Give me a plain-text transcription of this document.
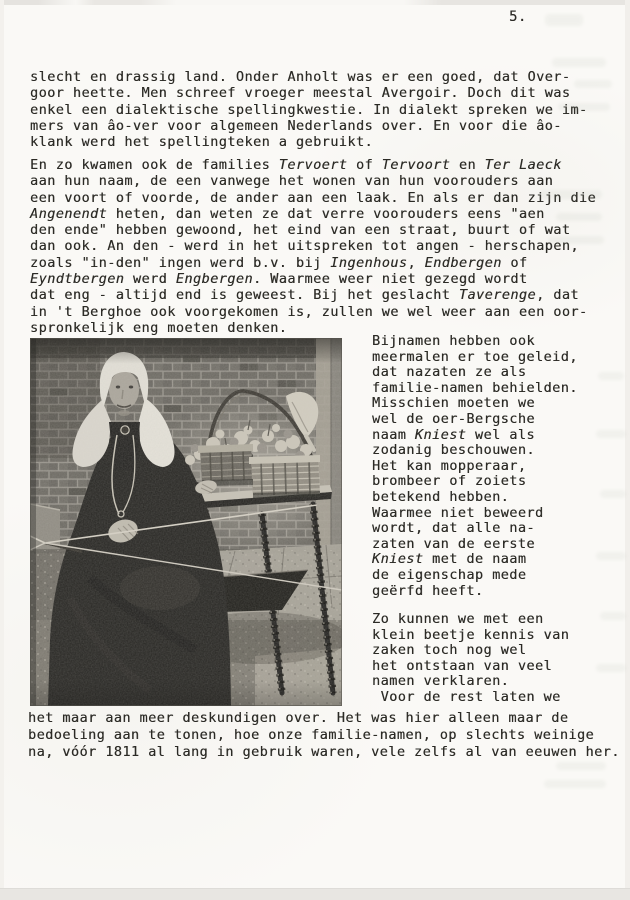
5.
slecht en drassig land. Onder Anholt was er een goed, dat Over-
goor heette. Men schreef vroeger meestal Avergoir. Doch dit was
enkel een dialektische spellingkwestie. In dialekt spreken we im-
mers van âo-ver voor algemeen Nederlands over. En voor die âo-
klank werd het spellingteken a gebruikt.
En zo kwamen ook de families Tervoert of Tervoort en Ter Laeck
aan hun naam, de een vanwege het wonen van hun voorouders aan
een voort of voorde, de ander aan een laak. En als er dan zijn die
Angenendt heten, dan weten ze dat verre voorouders eens "aen
den ende" hebben gewoond, het eind van een straat, buurt of wat
dan ook. An den - werd in het uitspreken tot angen - herschapen,
zoals "in-den" ingen werd b.v. bij Ingenhous, Endbergen of
Eyndtbergen werd Engbergen. Waarmee weer niet gezegd wordt
dat eng - altijd end is geweest. Bij het geslacht Taverenge, dat
in 't Berghoe ook voorgekomen is, zullen we wel weer aan een oor-
spronkelijk eng moeten denken.
Bijnamen hebben ook
meermalen er toe geleid,
dat nazaten ze als
familie-namen behielden.
Misschien moeten we
wel de oer-Bergsche
naam Kniest wel als
zodanig beschouwen.
Het kan mopperaar,
brombeer of zoiets
betekend hebben.
Waarmee niet beweerd
wordt, dat alle na-
zaten van de eerste
Kniest met de naam
de eigenschap mede
geërfd heeft.
Zo kunnen we met een
klein beetje kennis van
zaken toch nog wel
het ontstaan van veel
namen verklaren.
Voor de rest laten we
het maar aan meer deskundigen over. Het was hier alleen maar de
bedoeling aan te tonen, hoe onze familie-namen, op slechts weinige
na, vóór 1811 al lang in gebruik waren, vele zelfs al van eeuwen her.
